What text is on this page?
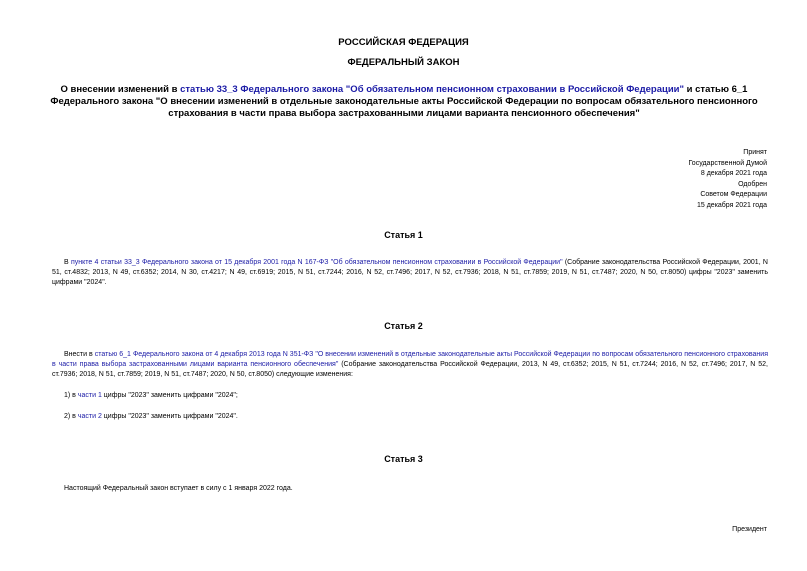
РОССИЙСКАЯ ФЕДЕРАЦИЯ
ФЕДЕРАЛЬНЫЙ ЗАКОН
О внесении изменений в статью 33_3 Федерального закона "Об обязательном пенсионном страховании в Российской Федерации" и статью 6_1 Федерального закона "О внесении изменений в отдельные законодательные акты Российской Федерации по вопросам обязательного пенсионного страхования в части права выбора застрахованными лицами варианта пенсионного обеспечения"
Принят
Государственной Думой
8 декабря 2021 года
Одобрен
Советом Федерации
15 декабря 2021 года
Статья 1
В пункте 4 статьи 33_3 Федерального закона от 15 декабря 2001 года N 167-ФЗ "Об обязательном пенсионном страховании в Российской Федерации" (Собрание законодательства Российской Федерации, 2001, N 51, ст.4832; 2013, N 49, ст.6352; 2014, N 30, ст.4217; N 49, ст.6919; 2015, N 51, ст.7244; 2016, N 52, ст.7496; 2017, N 52, ст.7936; 2018, N 51, ст.7859; 2019, N 51, ст.7487; 2020, N 50, ст.8050) цифры "2023" заменить цифрами "2024".
Статья 2
Внести в статью 6_1 Федерального закона от 4 декабря 2013 года N 351-ФЗ "О внесении изменений в отдельные законодательные акты Российской Федерации по вопросам обязательного пенсионного страхования в части права выбора застрахованными лицами варианта пенсионного обеспечения" (Собрание законодательства Российской Федерации, 2013, N 49, ст.6352; 2015, N 51, ст.7244; 2016, N 52, ст.7496; 2017, N 52, ст.7936; 2018, N 51, ст.7859; 2019, N 51, ст.7487; 2020, N 50, ст.8050) следующие изменения:
1) в части 1 цифры "2023" заменить цифрами "2024";
2) в части 2 цифры "2023" заменить цифрами "2024".
Статья 3
Настоящий Федеральный закон вступает в силу с 1 января 2022 года.
Президент
